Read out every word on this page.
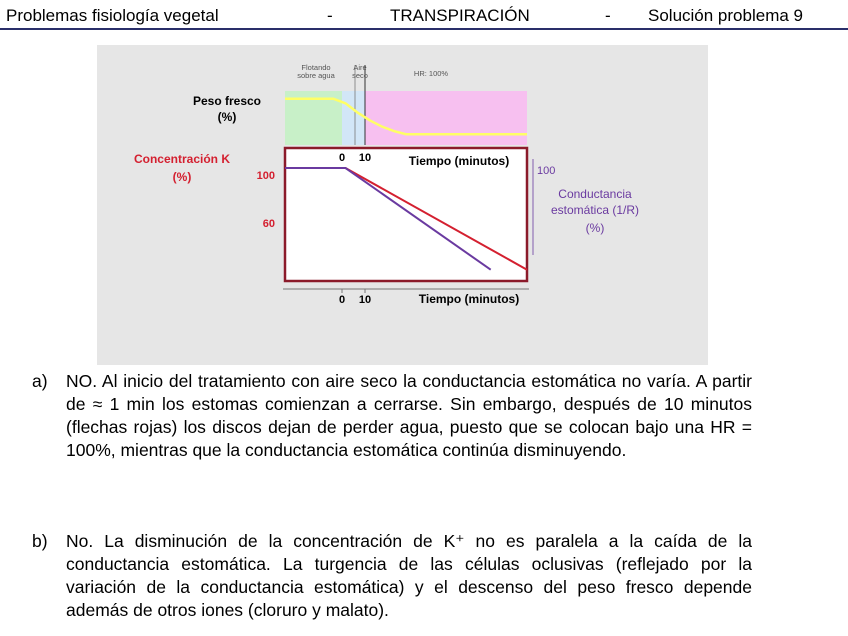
Problemas fisiología vegetal	-	TRANSPIRACIÓN	- Solución problema 9
Flotando
sobre agua
Aire
seco	HR: 100%
Peso fresco
(%)
0 10	Tiempo (minutos)
0 10	Tiempo (minutos)
Concentración K
(%)	100
60
100
Conductancia
estomática (1/R)
(%)
a) NO. Al inicio del tratamiento con aire seco la conductancia estomática no varía. A partir de ≈ 1 min los estomas comienzan a cerrarse. Sin embargo, después de 10 minutos (flechas rojas) los discos dejan de perder agua, puesto que se colocan bajo una HR = 100%, mientras que la conductancia estomática continúa disminuyendo.
b) No. La disminución de la concentración de K⁺ no es paralela a la caída de la conductancia estomática. La turgencia de las células oclusivas (reflejado por la variación de la conductancia estomática) y el descenso del peso fresco depende además de otros iones (cloruro y malato).
